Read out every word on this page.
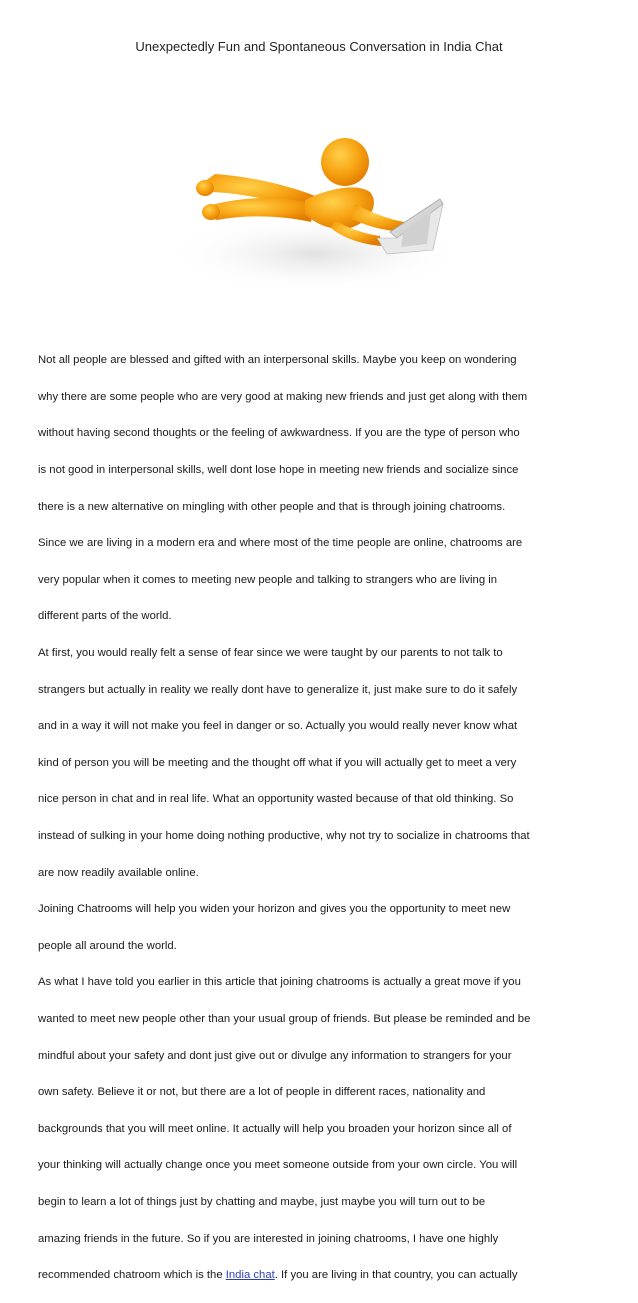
Unexpectedly Fun and Spontaneous Conversation in India Chat

Not all people are blessed and gifted with an interpersonal skills. Maybe you keep on wondering

why there are some people who are very good at making new friends and just get along with them

without having second thoughts or the feeling of awkwardness. If you are the type of person who

is not good in interpersonal skills, well dont lose hope in meeting new friends and socialize since

there is a new alternative on mingling with other people and that is through joining chatrooms.

Since we are living in a modern era and where most of the time people are online, chatrooms are

very popular when it comes to meeting new people and talking to strangers who are living in

different parts of the world.

At first, you would really felt a sense of fear since we were taught by our parents to not talk to

strangers but actually in reality we really dont have to generalize it, just make sure to do it safely

and in a way it will not make you feel in danger or so. Actually you would really never know what

kind of person you will be meeting and the thought off what if you will actually get to meet a very

nice person in chat and in real life. What an opportunity wasted because of that old thinking. So

instead of sulking in your home doing nothing productive, why not try to socialize in chatrooms that

are now readily available online.

Joining Chatrooms will help you widen your horizon and gives you the opportunity to meet new

people all around the world.

As what I have told you earlier in this article that joining chatrooms is actually a great move if you

wanted to meet new people other than your usual group of friends. But please be reminded and be

mindful about your safety and dont just give out or divulge any information to strangers for your

own safety. Believe it or not, but there are a lot of people in different races, nationality and

backgrounds that you will meet online. It actually will help you broaden your horizon since all of

your thinking will actually change once you meet someone outside from your own circle. You will

begin to learn a lot of things just by chatting and maybe, just maybe you will turn out to be

amazing friends in the future. So if you are interested in joining chatrooms, I have one highly

recommended chatroom which is the India chat. If you are living in that country, you can actually
